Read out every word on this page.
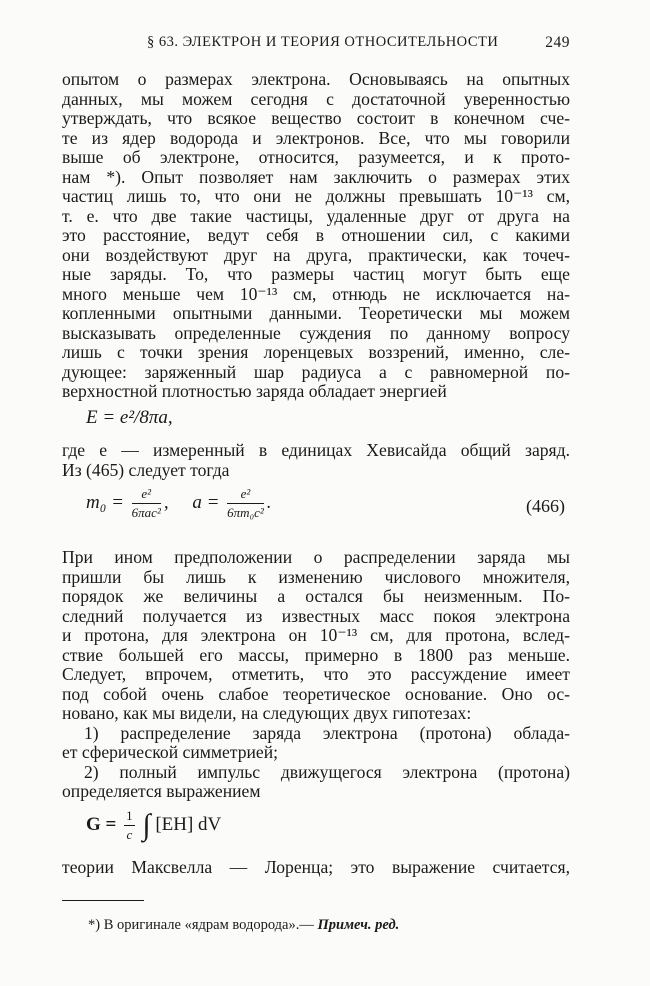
§ 63. ЭЛЕКТРОН И ТЕОРИЯ ОТНОСИТЕЛЬНОСТИ	249
опытом о размерах электрона. Основываясь на опытных
данных, мы можем сегодня с достаточной уверенностью
утверждать, что всякое вещество состоит в конечном сче-
те из ядер водорода и электронов. Все, что мы говорили
выше об электроне, относится, разумеется, и к прото-
нам *). Опыт позволяет нам заключить о размерах этих
частиц лишь то, что они не должны превышать 10⁻¹³ см,
т. е. что две такие частицы, удаленные друг от друга на
это расстояние, ведут себя в отношении сил, с какими
они воздействуют друг на друга, практически, как точеч-
ные заряды. То, что размеры частиц могут быть еще
много меньше чем 10⁻¹³ см, отнюдь не исключается на-
копленными опытными данными. Теоретически мы можем
высказывать определенные суждения по данному вопросу
лишь с точки зрения лоренцевых воззрений, именно, сле-
дующее: заряженный шар радиуса a с равномерной по-
верхностной плотностью заряда обладает энергией
E = e²/8πa,
где e — измеренный в единицах Хевисайда общий заряд.
Из (465) следует тогда
$m_0 = \frac{\text{e²}}{\text{6πac²}}$ ,     $a = \frac{\text{e²}}{\text{6πm₀c²}}$ .	(466)
При ином предположении о распределении заряда мы
пришли бы лишь к изменению числового множителя,
порядок же величины a остался бы неизменным. По-
следний получается из известных масс покоя электрона
и протона, для электрона он 10⁻¹³ см, для протона, вслед-
ствие большей его массы, примерно в 1800 раз меньше.
Следует, впрочем, отметить, что это рассуждение имеет
под собой очень слабое теоретическое основание. Оно ос-
новано, как мы видели, на следующих двух гипотезах:
1) распределение заряда электрона (протона) облада-
ет сферической симметрией;
2) полный импульс движущегося электрона (протона)
определяется выражением
$G = \frac{1}{c}$ ∫ [EH] dV
теории Максвелла — Лоренца; это выражение считается,
*) В оригинале «ядрам водорода».— Примеч. ред.
